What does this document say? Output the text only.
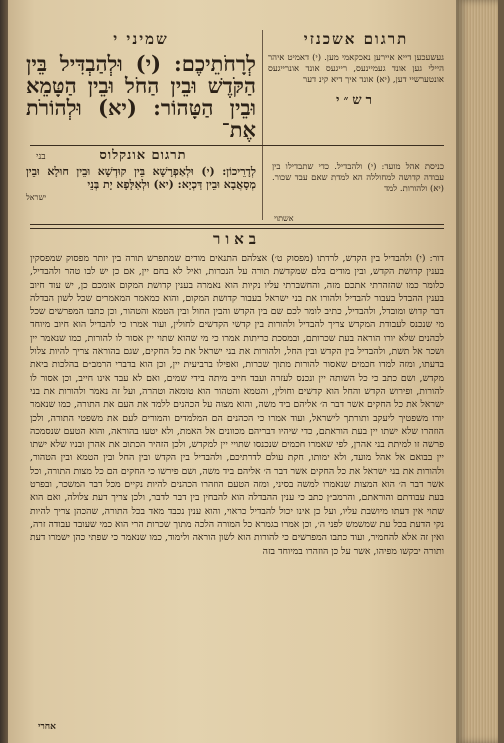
שמיני י

לְרָחֹתֵיכֶם: (י) וּלְהַבְדִּיל בֵּין הַקֹּדֶשׁ וּבֵין הַחֹל וּבֵין הַטָּמֵא וּבֵין הַטָּהוֹר: (יא) וּלְהוֹרֹת אֶת־

תרגום אשכנזי

געשעכען דייא איירען נאכקאמי מען. (י) דאמיט איהר היילי גען אונד געמיינעס, רייגעס אונד אונרייגעס אונטערשיי דען, (יא) אונד איך דיא קינ דער

רש״י
בני	תרגום אונקלוס

לְדָרֵיכוֹן: (י) וּלְאַפְרָשָׁא בֵּין קוּדְשָׁא וּבֵין חוּלָא וּבֵין מְסָאֲבָא וּבֵין דַּכְיָא: (יא) וּלְאַלָּפָא יָת בְּנֵי

ישראל

כניסת אהל מועד: (י) ולהבדיל. כדי שתבדילו בין עבודה קדושה למחוללה הא למדת שאם עבד שכור. (יא) ולהורות. למד

אשתוי
באור

דור: (י) ולהבדיל בין הקדש, לרדתו (מפסוק ט׳) אצלהם התנאים מודים שמתפרש תורה בין יותר מפסוק שמפסקין בענין קדושת הקדש, ובין מודים בלם שמקדשת תורה על הנכרות, ואיל לא בחם יין, אם כן יש לבו טהר ולהבדיל, כלומר כמו שהזהרתי אתכם מזה, והחשברתי עליו נקיות הוא נאמרה בענין קדושת המקום אומכם כן, יש עוד חיוב בענין ההבדל בעבור להבדיל ולהורו את בני ישראל בעבור קדושת המקום, והוא כמאמר המאמרים שכל לשון הבדלה דבר קדוש ומובדל, ולהבדיל, כתיב לומר לכם שם בין הקדש והבין החול ובין הטמא והטהור, וכן כתבו המפרשים שכל מי שנכנס לעבודת המקדש צריך להבדיל ולהורות בין קדשי הקדשים לחולין, ועוד אמרו כי להבדיל הוא חיוב מיוחד לכהנים שלא יורו הוראה בעת שכרותם, ובמסכת כריתות אמרו כי מי שהוא שתוי יין אסור לו להורות, כמו שנאמר יין ושכר אל תשת, ולהבדיל בין הקדש ובין החל, ולהורות את בני ישראל את כל החקים, שגם בהוראה צריך להיות צלול בדעתו, ומזה למדו חכמים שאסור להורות מתוך שכרות, ואפילו ברביעית יין, וכן הוא בדברי הרמב״ם בהלכות ביאת מקדש, ושם כתב כי כל השותה יין ונכנס לעזרה ועבד חייב מיתה בידי שמים, ואם לא עבד אינו חייב, וכן אסור לו להורות, ופירוש הקדש והחל הוא קדשים וחולין, והטמא והטהור הוא טומאה וטהרה, ועל זה נאמר ולהורות את בני ישראל את כל החקים אשר דבר ה׳ אליהם ביד משה, והוא מצוה על הכהנים ללמד את העם את התורה, כמו שנאמר יורו משפטיך ליעקב ותורתך לישראל, ועוד אמרו כי הכהנים הם המלמדים והמורים לעם את משפטי התורה, ולכן הוזהרו שלא ישתו יין בעת הוראתם, כדי שיהיו דבריהם מכוונים אל האמת, ולא יטעו בהוראה, והוא הטעם שנסמכה פרשה זו למיתת בני אהרן, לפי שאמרו חכמים שנכנסו שתויי יין למקדש, ולכן הזהיר הכתוב את אהרן ובניו שלא ישתו יין בבואם אל אהל מועד, ולא ימותו, חקת עולם לדרתיכם, ולהבדיל בין הקדש ובין החל ובין הטמא ובין הטהור, ולהורות את בני ישראל את כל החקים אשר דבר ה׳ אליהם ביד משה, ושם פירשו כי החקים הם כל מצות התורה, וכל אשר דבר ה׳ הוא המצות שנאמרו למשה בסיני, ומזה הטעם הוזהרו הכהנים להיות נקיים מכל דבר המשכר, ובפרט בעת עבודתם והוראתם, והרמב״ן כתב כי ענין ההבדלה הוא להבחין בין דבר לדבר, ולכן צריך דעת צלולה, ואם הוא שתוי אין דעתו מיושבת עליו, ועל כן אינו יכול להבדיל כראוי, והוא ענין נכבד מאד בכל התורה, שהכהן צריך להיות נקי הדעת בכל עת שמשמש לפני ה׳, וכן אמרו בגמרא כל המורה הלכה מתוך שכרות הרי הוא כמי שעובד עבודה זרה, ואין זה אלא להחמיר, ועוד כתבו המפרשים כי להורות הוא לשון הוראה ולימוד, כמו שנאמר כי שפתי כהן ישמרו דעת ותורה יבקשו מפיהו, אשר על כן הוזהרו במיוחד בזה

אחרי
